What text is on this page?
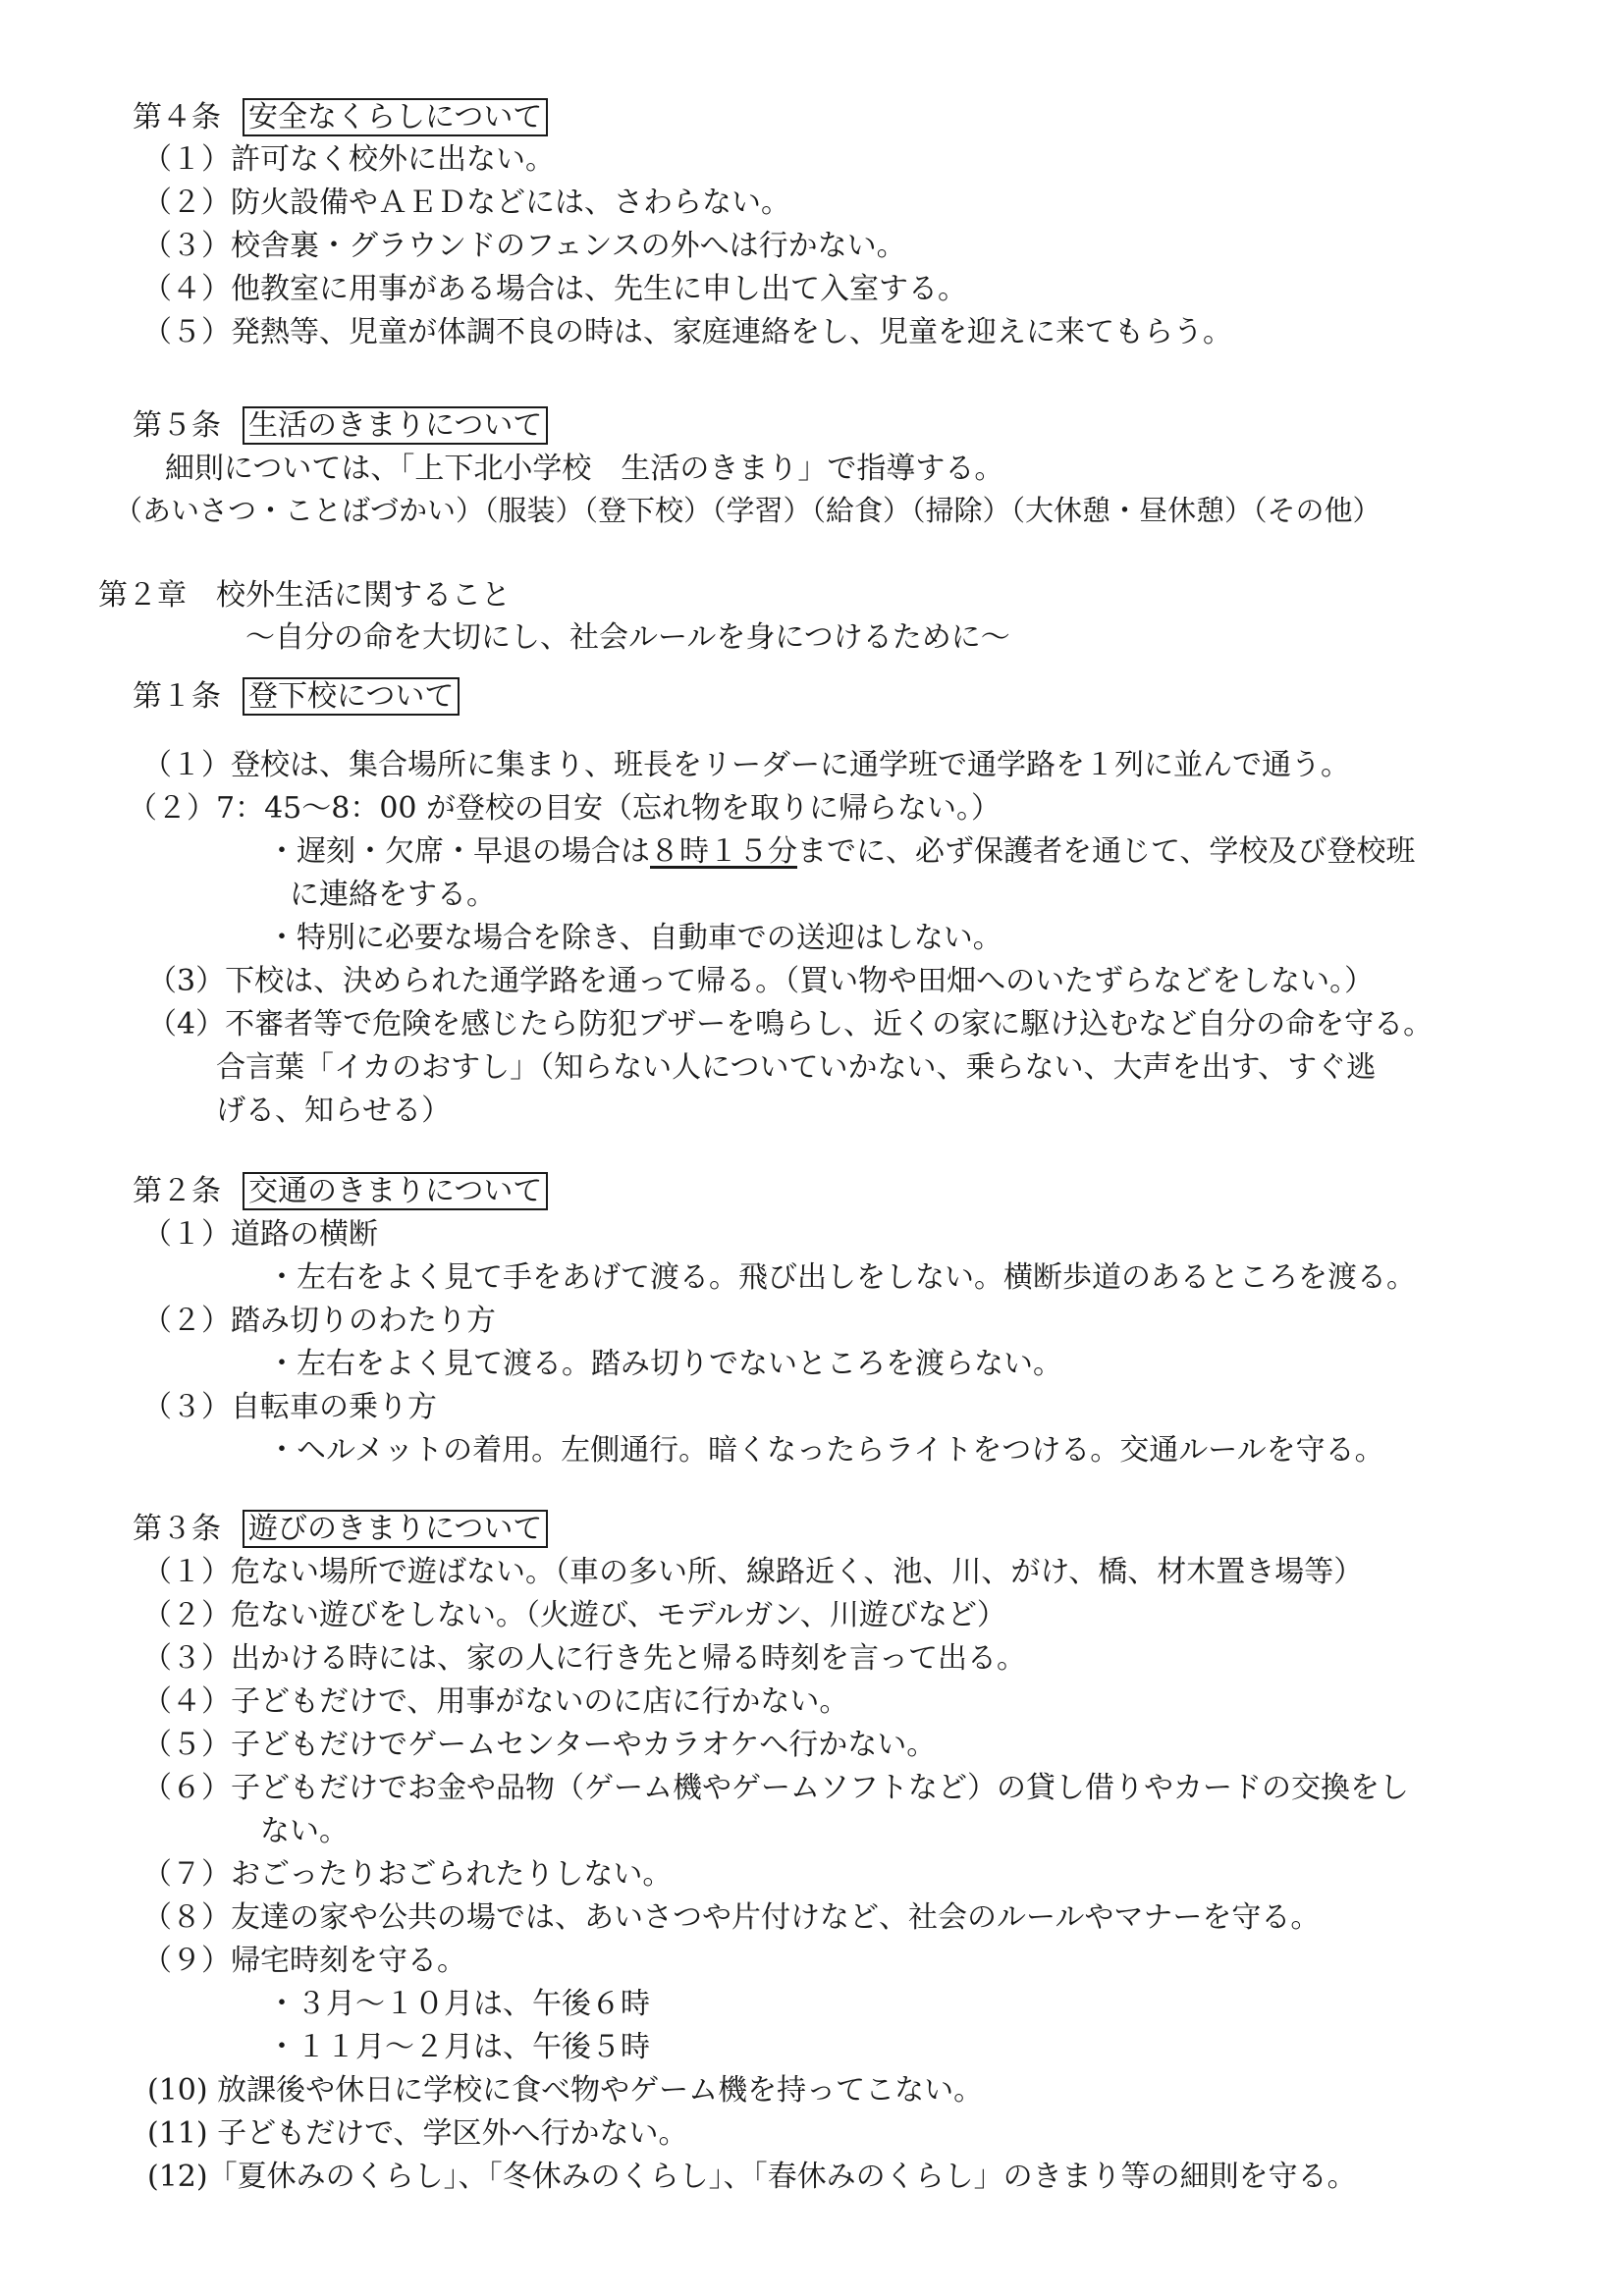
第４条 安全なくらしについて
（１）許可なく校外に出ない。
（２）防火設備やＡＥＤなどには、さわらない。
（３）校舎裏・グラウンドのフェンスの外へは行かない。
（４）他教室に用事がある場合は、先生に申し出て入室する。
（５）発熱等、児童が体調不良の時は、家庭連絡をし、児童を迎えに来てもらう。
第５条 生活のきまりについて
細則については、「上下北小学校　生活のきまり」で指導する。
（あいさつ・ことばづかい）（服装）（登下校）（学習）（給食）（掃除）（大休憩・昼休憩）（その他）
第２章　校外生活に関すること
～自分の命を大切にし、社会ルールを身につけるために～
第１条 登下校について
（１）登校は、集合場所に集まり、班長をリーダーに通学班で通学路を１列に並んで通う。
（２）7：45～8：00 が登校の目安（忘れ物を取りに帰らない。）
・遅刻・欠席・早退の場合は８時１５分までに、必ず保護者を通じて、学校及び登校班
に連絡をする。
・特別に必要な場合を除き、自動車での送迎はしない。
（3）下校は、決められた通学路を通って帰る。（買い物や田畑へのいたずらなどをしない。）
（4）不審者等で危険を感じたら防犯ブザーを鳴らし、近くの家に駆け込むなど自分の命を守る。
合言葉「イカのおすし」（知らない人についていかない、乗らない、大声を出す、すぐ逃
げる、知らせる）
第２条 交通のきまりについて
（１）道路の横断
・左右をよく見て手をあげて渡る。飛び出しをしない。横断歩道のあるところを渡る。
（２）踏み切りのわたり方
・左右をよく見て渡る。踏み切りでないところを渡らない。
（３）自転車の乗り方
・ヘルメットの着用。左側通行。暗くなったらライトをつける。交通ルールを守る。
第３条 遊びのきまりについて
（１）危ない場所で遊ばない。（車の多い所、線路近く、池、川、がけ、橋、材木置き場等）
（２）危ない遊びをしない。（火遊び、モデルガン、川遊びなど）
（３）出かける時には、家の人に行き先と帰る時刻を言って出る。
（４）子どもだけで、用事がないのに店に行かない。
（５）子どもだけでゲームセンターやカラオケへ行かない。
（６）子どもだけでお金や品物（ゲーム機やゲームソフトなど）の貸し借りやカードの交換をし
ない。
（７）おごったりおごられたりしない。
（８）友達の家や公共の場では、あいさつや片付けなど、社会のルールやマナーを守る。
（９）帰宅時刻を守る。
・３月～１０月は、午後６時
・１１月～２月は、午後５時
(10) 放課後や休日に学校に食べ物やゲーム機を持ってこない。
(11) 子どもだけで、学区外へ行かない。
(12)「夏休みのくらし」、「冬休みのくらし」、「春休みのくらし」のきまり等の細則を守る。
